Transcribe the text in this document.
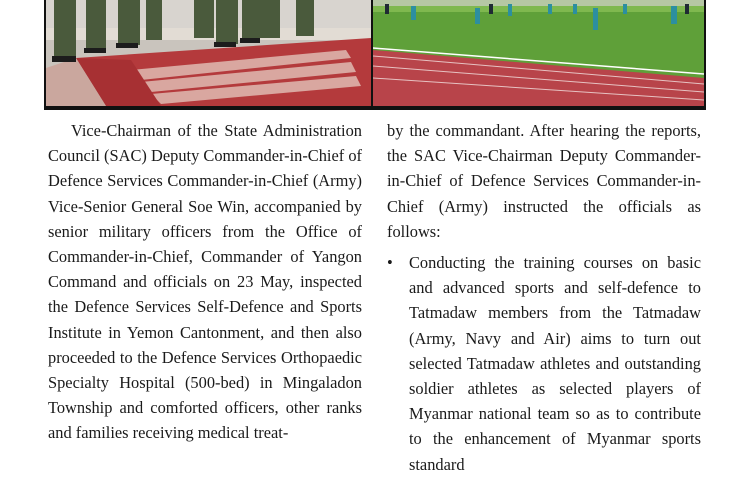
Vice-Chairman of the State Administration Council (SAC) Deputy Commander-in-Chief of Defence Services Commander-in-Chief (Army) Vice-Senior General Soe Win, accompanied by senior military officers from the Office of Commander-in-Chief, Commander of Yangon Command and officials on 23 May, inspected the Defence Services Self-Defence and Sports Institute in Yemon Cantonment, and then also proceeded to the Defence Services Orthopaedic Specialty Hospital (500-bed) in Mingaladon Township and comforted officers, other ranks and families receiving medical treat-

by the commandant. After hearing the reports, the SAC Vice-Chairman Deputy Commander-in-Chief of Defence Services Commander-in-Chief (Army) instructed the officials as follows:

• Conducting the training courses on basic and advanced sports and self-defence to Tatmadaw members from the Tatmadaw (Army, Navy and Air) aims to turn out selected Tatmadaw athletes and outstanding soldier athletes as selected players of Myanmar national team so as to contribute to the enhancement of Myanmar sports standard
